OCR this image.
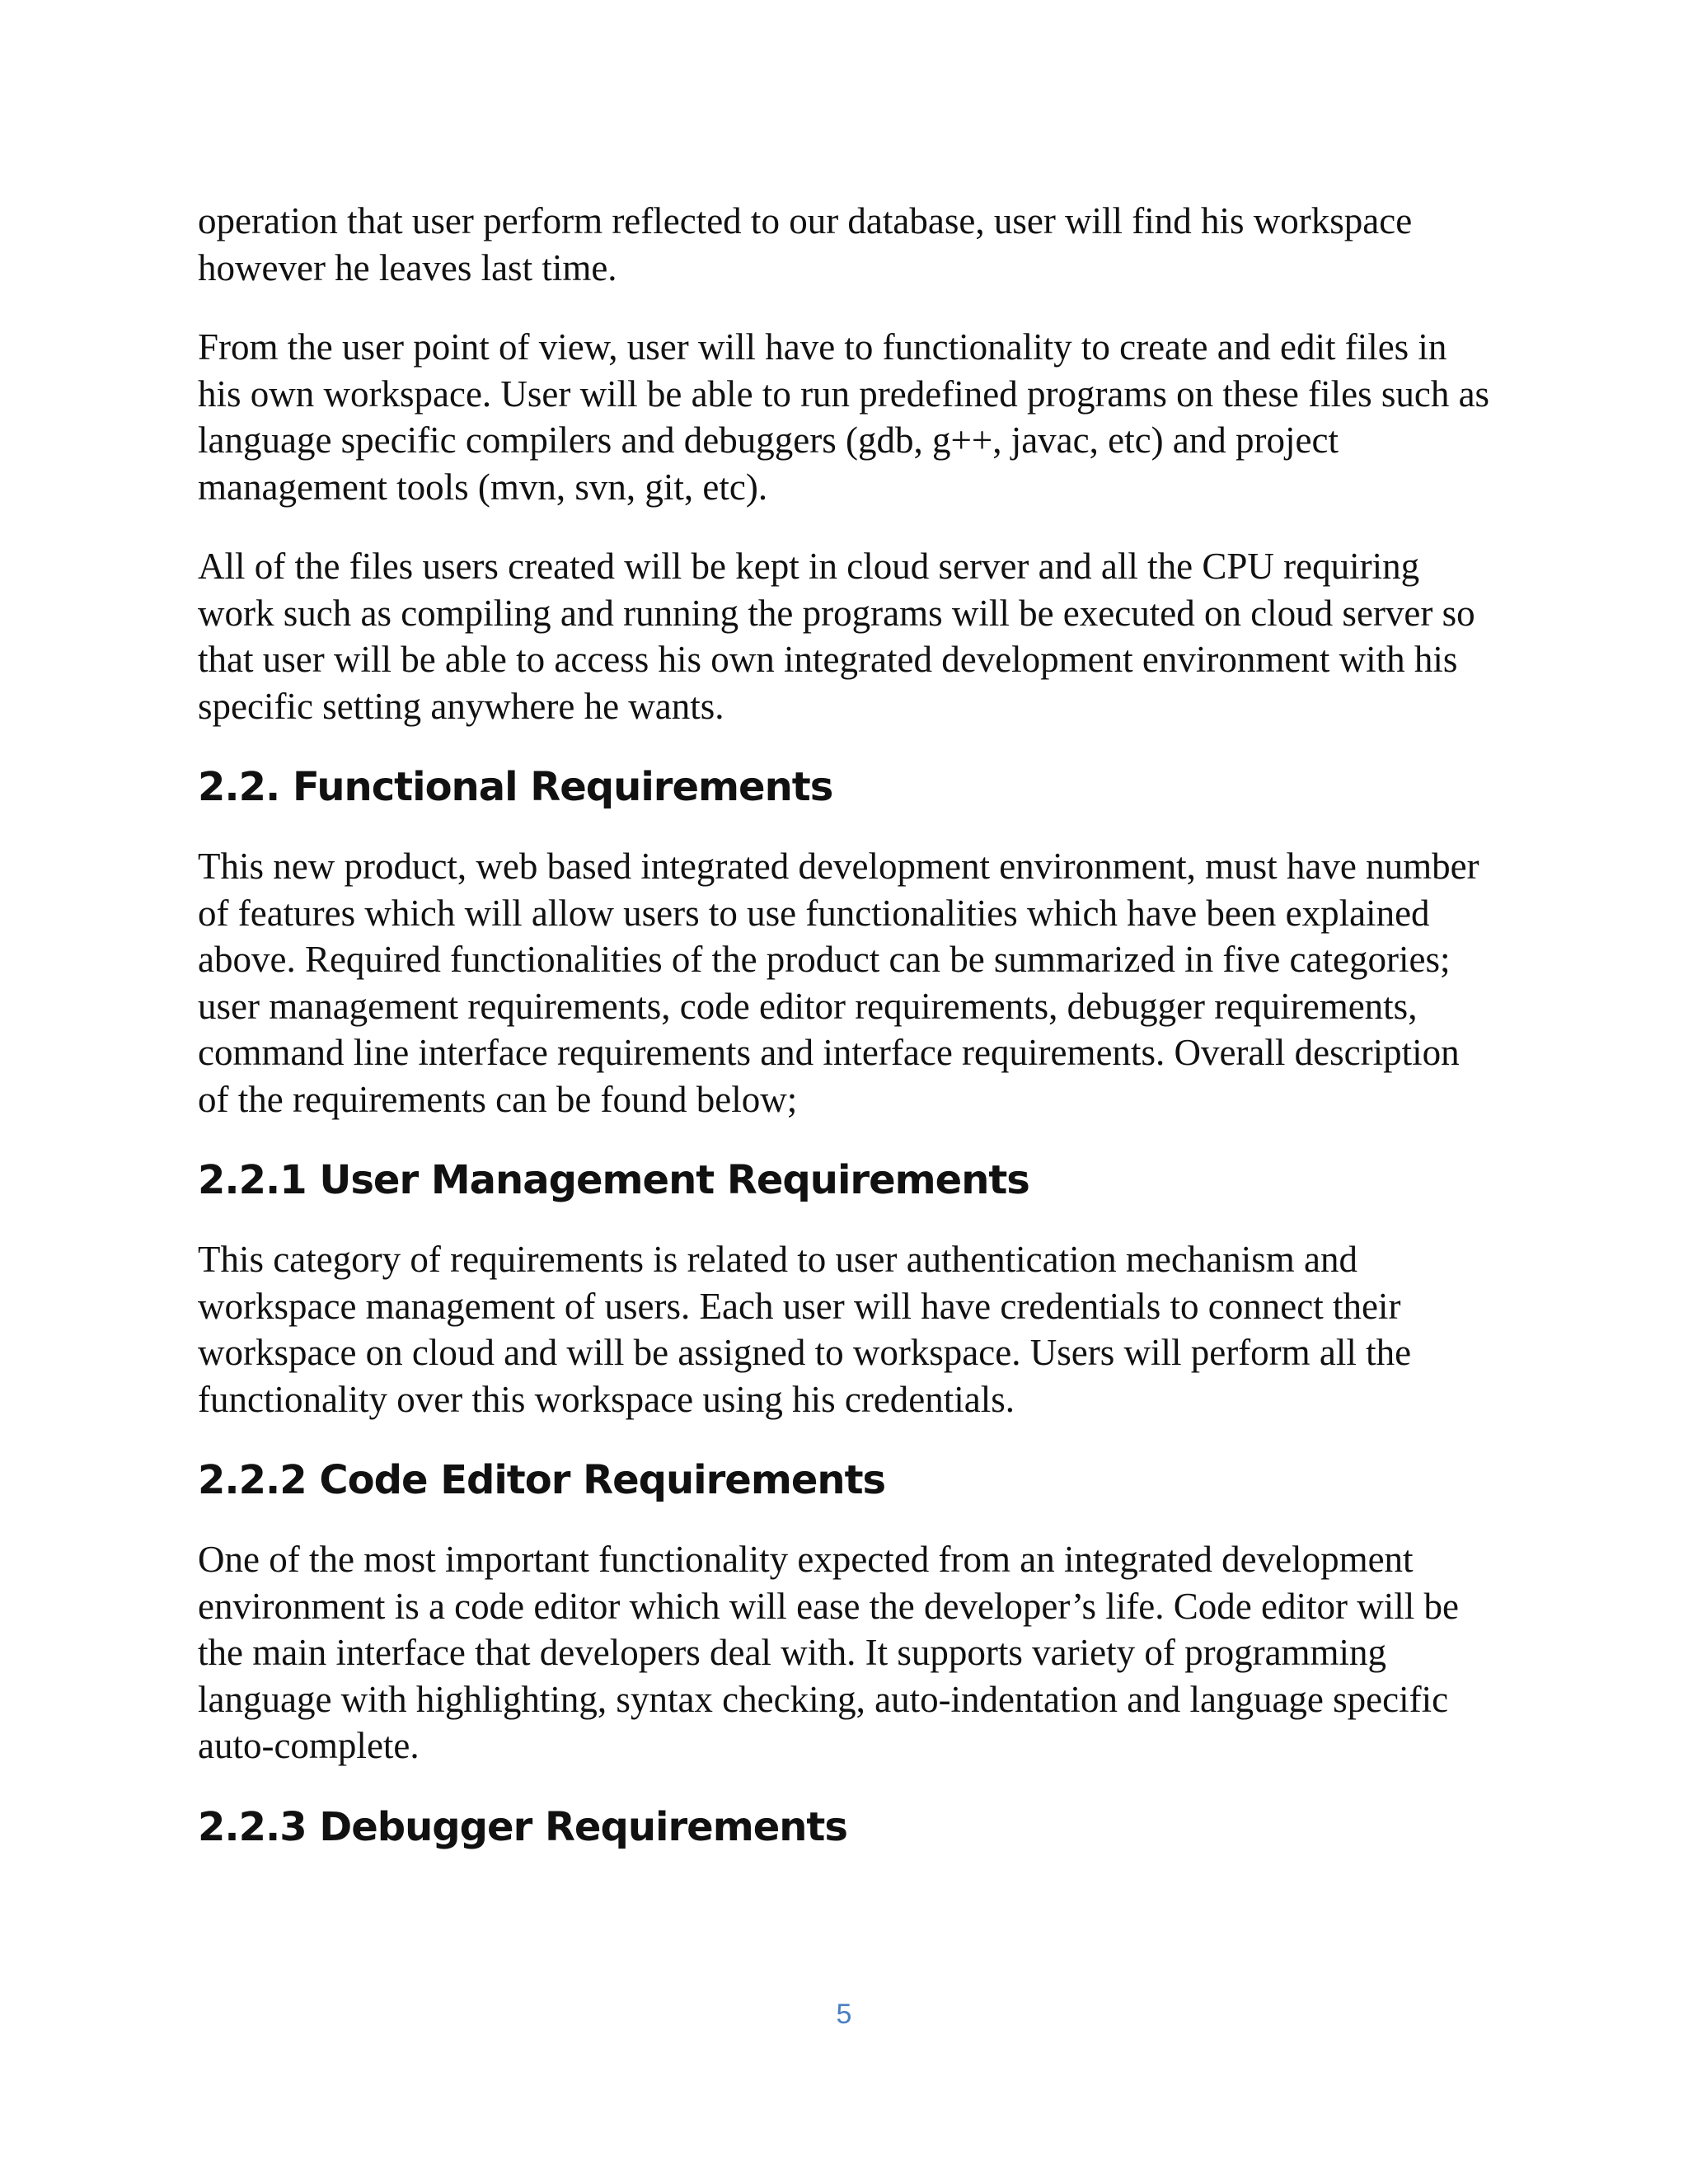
operation that user perform reflected to our database, user will find his workspace however he leaves last time.

From the user point of view, user will have to functionality to create and edit files in his own workspace. User will be able to run predefined programs on these files such as language specific compilers and debuggers (gdb, g++, javac, etc) and project management tools (mvn, svn, git, etc).

All of the files users created will be kept in cloud server and all the CPU requiring work such as compiling and running the programs will be executed on cloud server so that user will be able to access his own integrated development environment with his specific setting anywhere he wants.

2.2. Functional Requirements

This new product, web based integrated development environment, must have number of features which will allow users to use functionalities which have been explained above. Required functionalities of the product can be summarized in five categories; user management requirements, code editor requirements, debugger requirements, command line interface requirements and interface requirements. Overall description of the requirements can be found below;

2.2.1 User Management Requirements

This category of requirements is related to user authentication mechanism and workspace management of users. Each user will have credentials to connect their workspace on cloud and will be assigned to workspace. Users will perform all the functionality over this workspace using his credentials.

2.2.2 Code Editor Requirements

One of the most important functionality expected from an integrated development environment is a code editor which will ease the developer’s life. Code editor will be the main interface that developers deal with. It supports variety of programming language with highlighting, syntax checking, auto-indentation and language specific auto-complete.

2.2.3 Debugger Requirements
5
